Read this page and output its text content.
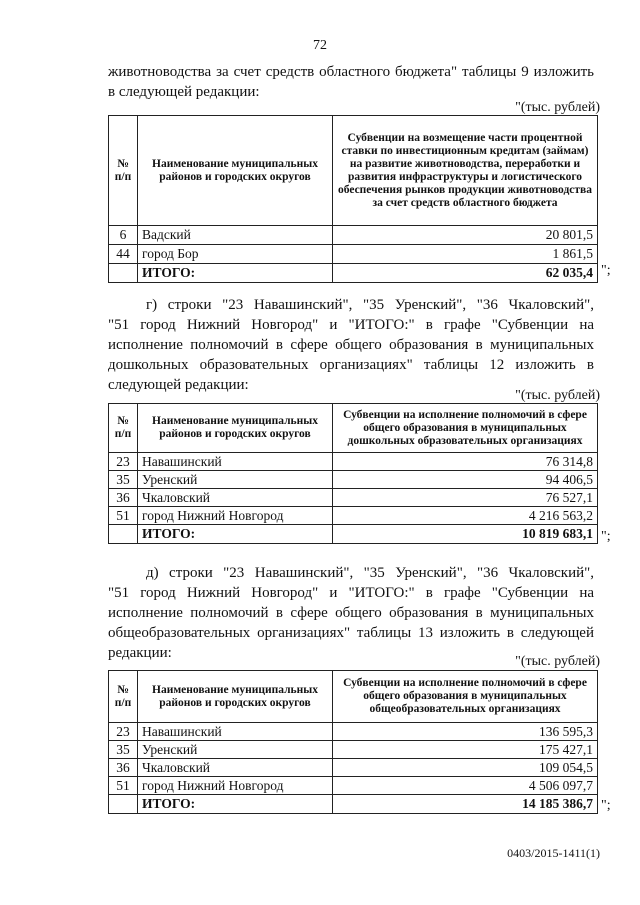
72
животноводства за счет средств областного бюджета" таблицы 9 изложить
в следующей редакции:
"(тыс. рублей)
№ п/п	Наименование муниципальных районов и городских округов	Субвенции на возмещение части процентной ставки по инвестиционным кредитам (займам) на развитие животноводства, переработки и развития инфраструктуры и логистического обеспечения рынков продукции животноводства за счет средств областного бюджета
6	Вадский	20 801,5
44	город Бор	1 861,5
	ИТОГО:	62 035,4 ";
г) строки "23 Навашинский", "35 Уренский", "36 Чкаловский",
"51 город Нижний Новгород" и "ИТОГО:" в графе "Субвенции на
исполнение полномочий в сфере общего образования в муниципальных
дошкольных образовательных организациях" таблицы 12 изложить в
следующей редакции:
"(тыс. рублей)
№ п/п	Наименование муниципальных районов и городских округов	Субвенции на исполнение полномочий в сфере общего образования в муниципальных дошкольных образовательных организациях
23	Навашинский	76 314,8
35	Уренский	94 406,5
36	Чкаловский	76 527,1
51	город Нижний Новгород	4 216 563,2
	ИТОГО:	10 819 683,1 ";
д) строки "23 Навашинский", "35 Уренский", "36 Чкаловский",
"51 город Нижний Новгород" и "ИТОГО:" в графе "Субвенции на
исполнение полномочий в сфере общего образования в муниципальных
общеобразовательных организациях" таблицы 13 изложить в следующей
редакции:
"(тыс. рублей)
№ п/п	Наименование муниципальных районов и городских округов	Субвенции на исполнение полномочий в сфере общего образования в муниципальных общеобразовательных организациях
23	Навашинский	136 595,3
35	Уренский	175 427,1
36	Чкаловский	109 054,5
51	город Нижний Новгород	4 506 097,7
	ИТОГО:	14 185 386,7 ";
0403/2015-1411(1)
